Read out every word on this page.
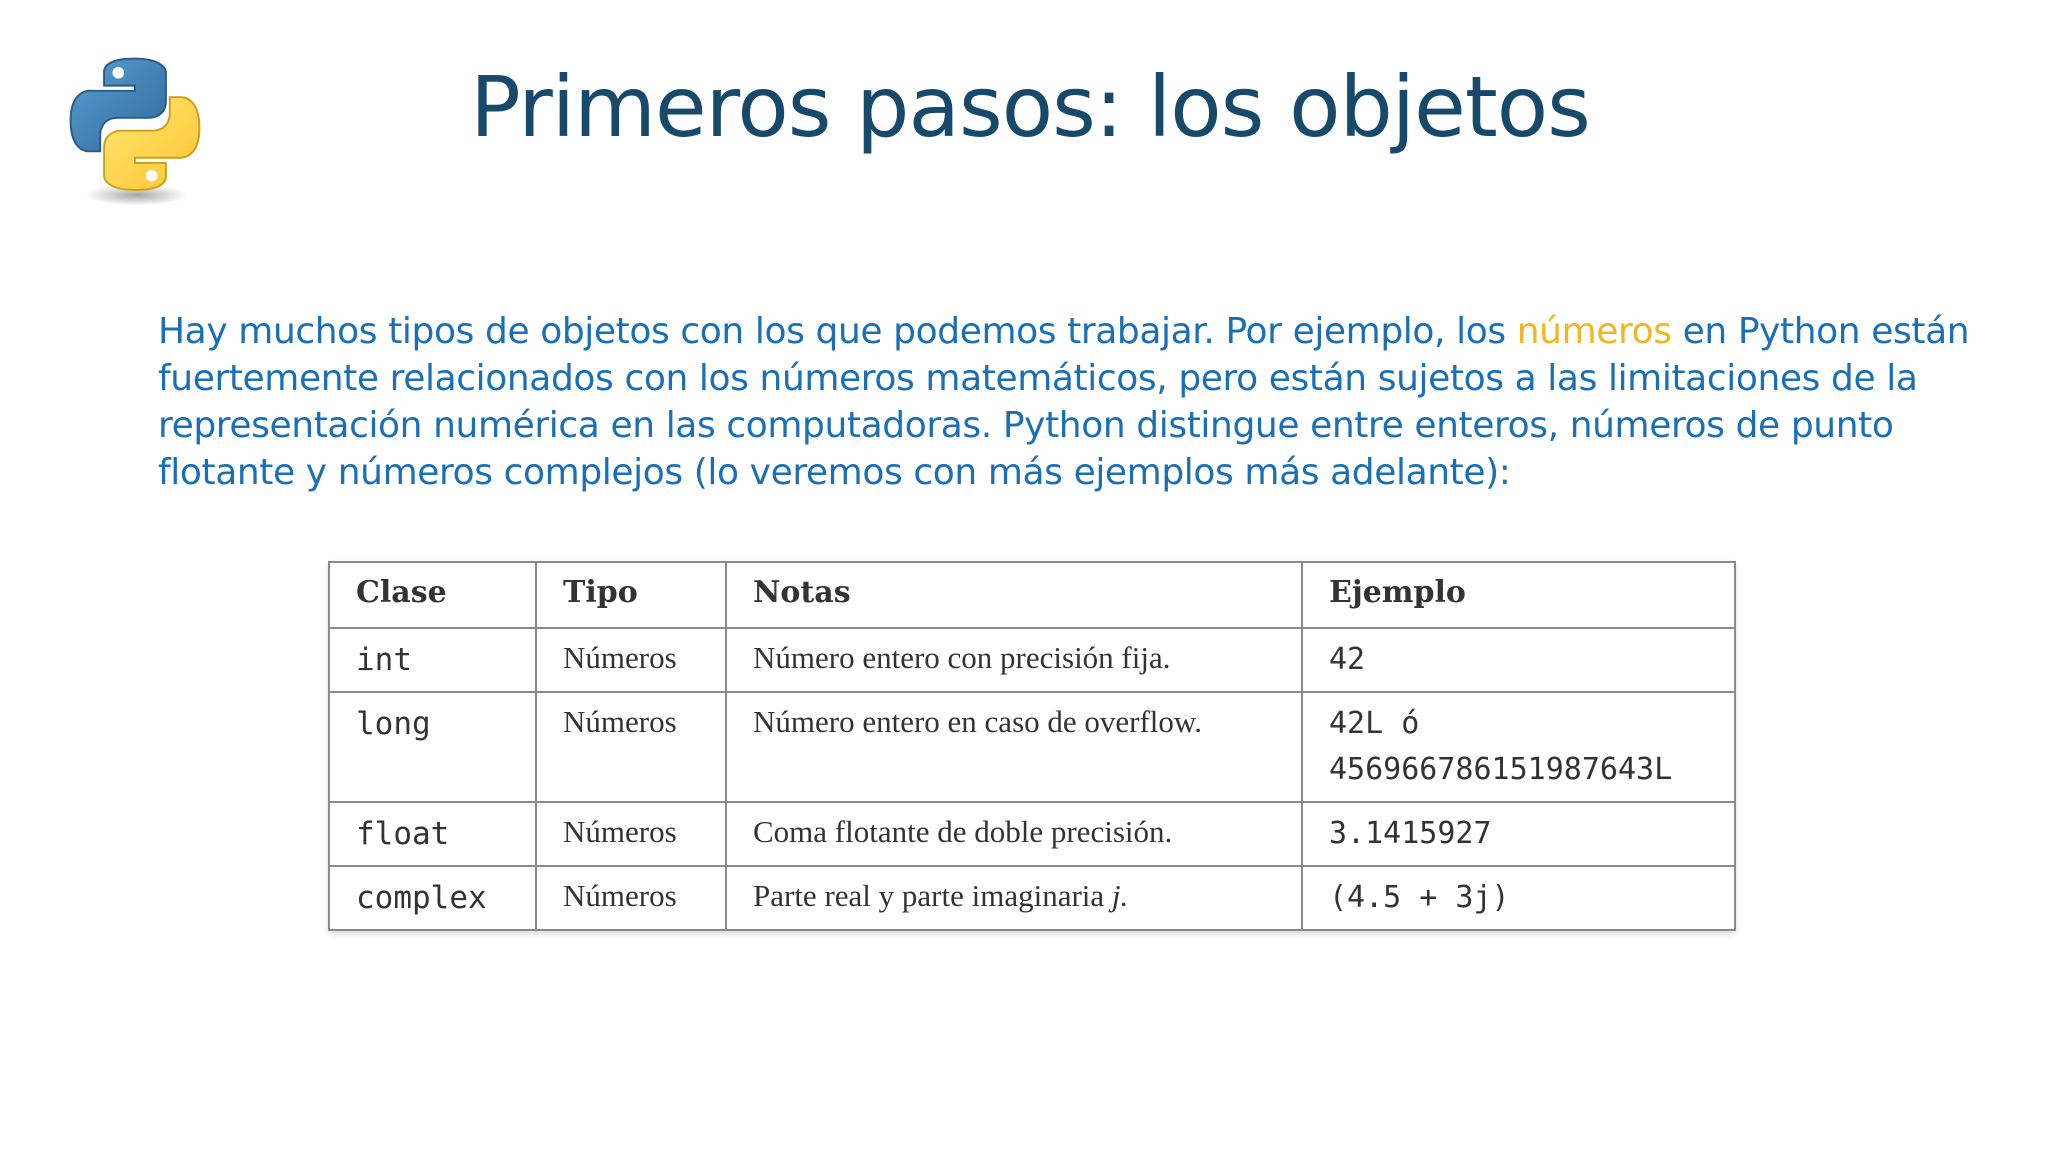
Primeros pasos: los objetos

Hay muchos tipos de objetos con los que podemos trabajar. Por ejemplo, los números en Python están fuertemente relacionados con los números matemáticos, pero están sujetos a las limitaciones de la representación numérica en las computadoras. Python distingue entre enteros, números de punto flotante y números complejos (lo veremos con más ejemplos más adelante):

Clase	Tipo	Notas	Ejemplo
int	Números	Número entero con precisión fija.	42
long	Números	Número entero en caso de overflow.	42L ó
456966786151987643L
float	Números	Coma flotante de doble precisión.	3.1415927
complex	Números	Parte real y parte imaginaria j.	(4.5 + 3j)
